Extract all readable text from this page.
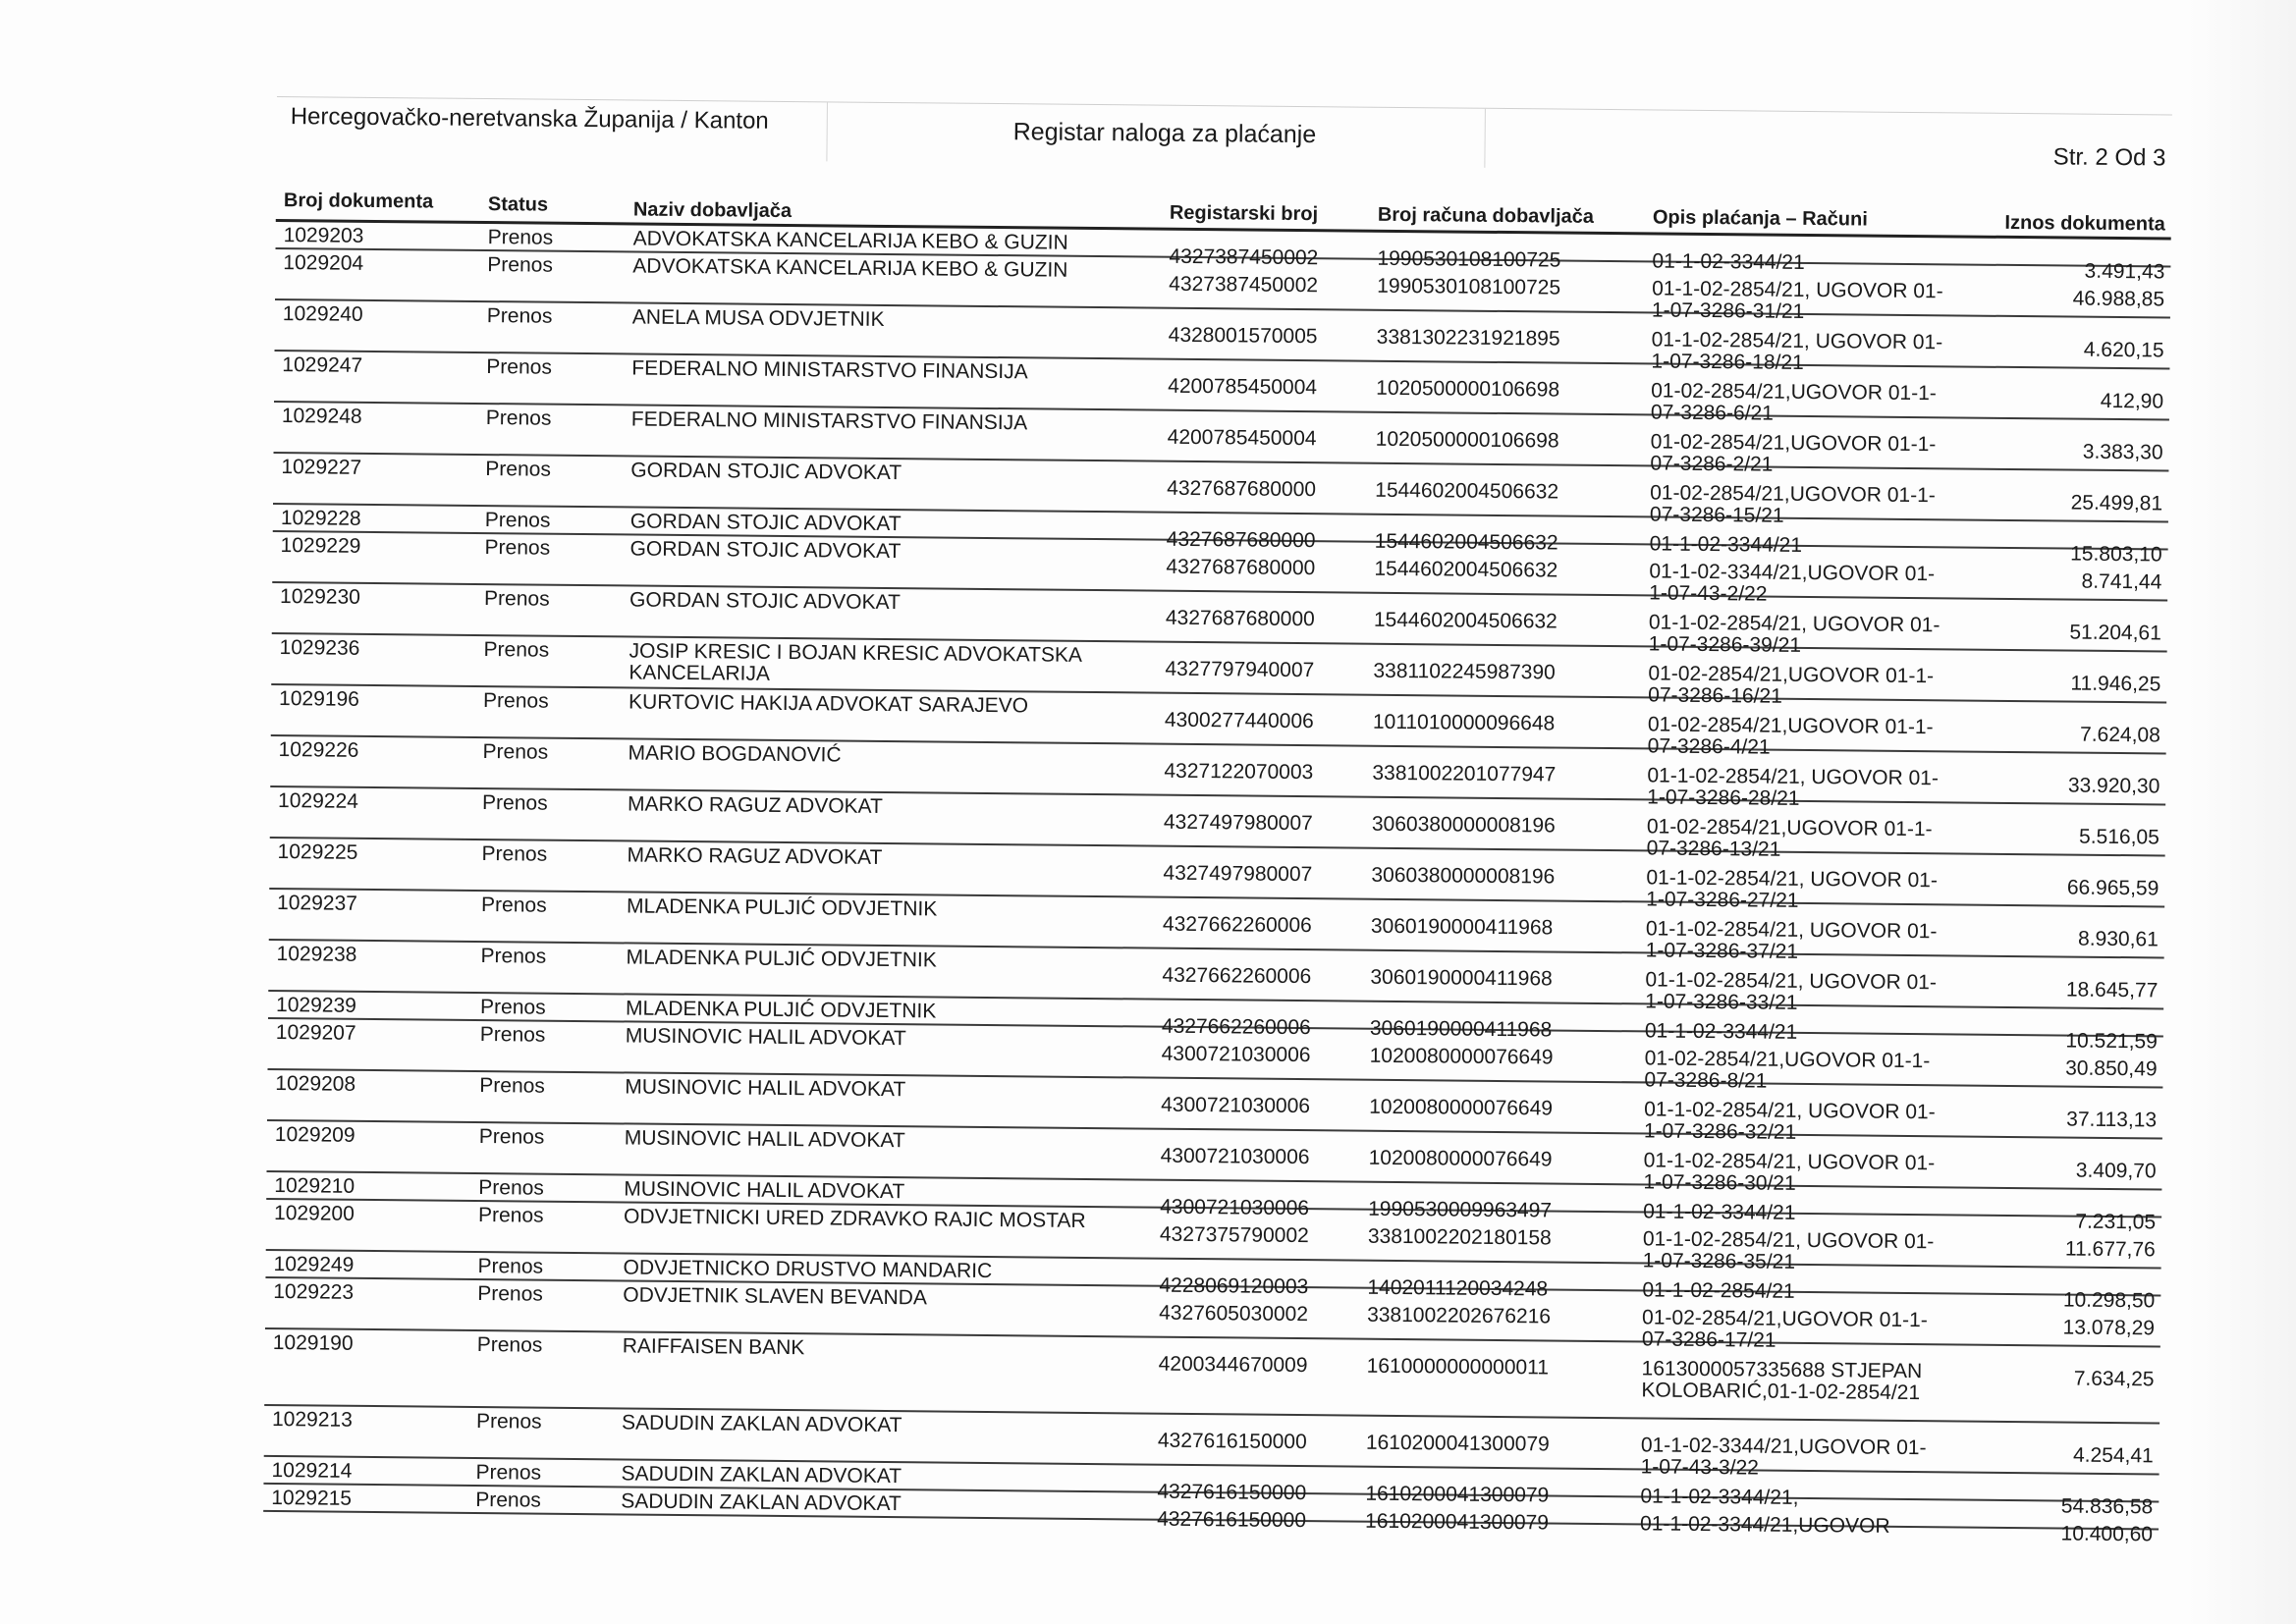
Hercegovačko-neretvanska Županija / Kanton	Registar naloga za plaćanje
Str. 2 Od 3
Broj dokumenta	Status	Naziv dobavljača	Registarski broj	Broj računa dobavljača	Opis plaćanja – Računi	Iznos dokumenta
1029203	Prenos	ADVOKATSKA KANCELARIJA KEBO & GUZIN
4327387450002	1990530108100725	01-1-02-3344/21	3.491,43
1029204	Prenos	ADVOKATSKA KANCELARIJA KEBO & GUZIN
4327387450002	1990530108100725	01-1-02-2854/21, UGOVOR 01-1-07-3286-31/21	46.988,85
1029240	Prenos	ANELA MUSA ODVJETNIK
4328001570005	3381302231921895	01-1-02-2854/21, UGOVOR 01-1-07-3286-18/21	4.620,15
1029247	Prenos	FEDERALNO MINISTARSTVO FINANSIJA
4200785450004	1020500000106698	01-02-2854/21,UGOVOR 01-1-07-3286-6/21	412,90
1029248	Prenos	FEDERALNO MINISTARSTVO FINANSIJA
4200785450004	1020500000106698	01-02-2854/21,UGOVOR 01-1-07-3286-2/21	3.383,30
1029227	Prenos	GORDAN STOJIC ADVOKAT
4327687680000	1544602004506632	01-02-2854/21,UGOVOR 01-1-07-3286-15/21	25.499,81
1029228	Prenos	GORDAN STOJIC ADVOKAT
4327687680000	1544602004506632	01-1-02-3344/21	15.803,10
1029229	Prenos	GORDAN STOJIC ADVOKAT
4327687680000	1544602004506632	01-1-02-3344/21,UGOVOR 01-1-07-43-2/22	8.741,44
1029230	Prenos	GORDAN STOJIC ADVOKAT
4327687680000	1544602004506632	01-1-02-2854/21, UGOVOR 01-1-07-3286-39/21	51.204,61
1029236	Prenos	JOSIP KRESIC I BOJAN KRESIC ADVOKATSKA KANCELARIJA	4327797940007	3381102245987390	01-02-2854/21,UGOVOR 01-1-07-3286-16/21	11.946,25
1029196	Prenos	KURTOVIC HAKIJA ADVOKAT SARAJEVO
4300277440006	1011010000096648	01-02-2854/21,UGOVOR 01-1-07-3286-4/21	7.624,08
1029226	Prenos	MARIO BOGDANOVIĆ
4327122070003	3381002201077947	01-1-02-2854/21, UGOVOR 01-1-07-3286-28/21	33.920,30
1029224	Prenos	MARKO RAGUZ ADVOKAT
4327497980007	3060380000008196	01-02-2854/21,UGOVOR 01-1-07-3286-13/21	5.516,05
1029225	Prenos	MARKO RAGUZ ADVOKAT
4327497980007	3060380000008196	01-1-02-2854/21, UGOVOR 01-1-07-3286-27/21	66.965,59
1029237	Prenos	MLADENKA PULJIĆ ODVJETNIK
4327662260006	3060190000411968	01-1-02-2854/21, UGOVOR 01-1-07-3286-37/21	8.930,61
1029238	Prenos	MLADENKA PULJIĆ ODVJETNIK
4327662260006	3060190000411968	01-1-02-2854/21, UGOVOR 01-1-07-3286-33/21	18.645,77
1029239	Prenos	MLADENKA PULJIĆ ODVJETNIK
4327662260006	3060190000411968	01-1-02-3344/21	10.521,59
1029207	Prenos	MUSINOVIC HALIL ADVOKAT
4300721030006	1020080000076649	01-02-2854/21,UGOVOR 01-1-07-3286-8/21	30.850,49
1029208	Prenos	MUSINOVIC HALIL ADVOKAT
4300721030006	1020080000076649	01-1-02-2854/21, UGOVOR 01-1-07-3286-32/21	37.113,13
1029209	Prenos	MUSINOVIC HALIL ADVOKAT
4300721030006	1020080000076649	01-1-02-2854/21, UGOVOR 01-1-07-3286-30/21	3.409,70
1029210	Prenos	MUSINOVIC HALIL ADVOKAT
4300721030006	1990530009963497	01-1-02-3344/21	7.231,05
1029200	Prenos	ODVJETNICKI URED ZDRAVKO RAJIC MOSTAR
4327375790002	3381002202180158	01-1-02-2854/21, UGOVOR 01-1-07-3286-35/21	11.677,76
1029249	Prenos	ODVJETNICKO DRUSTVO MANDARIC
4228069120003	1402011120034248	01-1-02-2854/21	10.298,50
1029223	Prenos	ODVJETNIK SLAVEN BEVANDA
4327605030002	3381002202676216	01-02-2854/21,UGOVOR 01-1-07-3286-17/21	13.078,29
1029190	Prenos	RAIFFAISEN BANK
4200344670009	1610000000000011	1613000057335688 STJEPAN KOLOBARIĆ,01-1-02-2854/21	7.634,25
1029213	Prenos	SADUDIN ZAKLAN ADVOKAT
4327616150000	1610200041300079	01-1-02-3344/21,UGOVOR 01-1-07-43-3/22	4.254,41
1029214	Prenos	SADUDIN ZAKLAN ADVOKAT
4327616150000	1610200041300079	01-1-02-3344/21,	54.836,58
1029215	Prenos	SADUDIN ZAKLAN ADVOKAT
4327616150000	1610200041300079	01-1-02-3344/21,UGOVOR	10.400,60
